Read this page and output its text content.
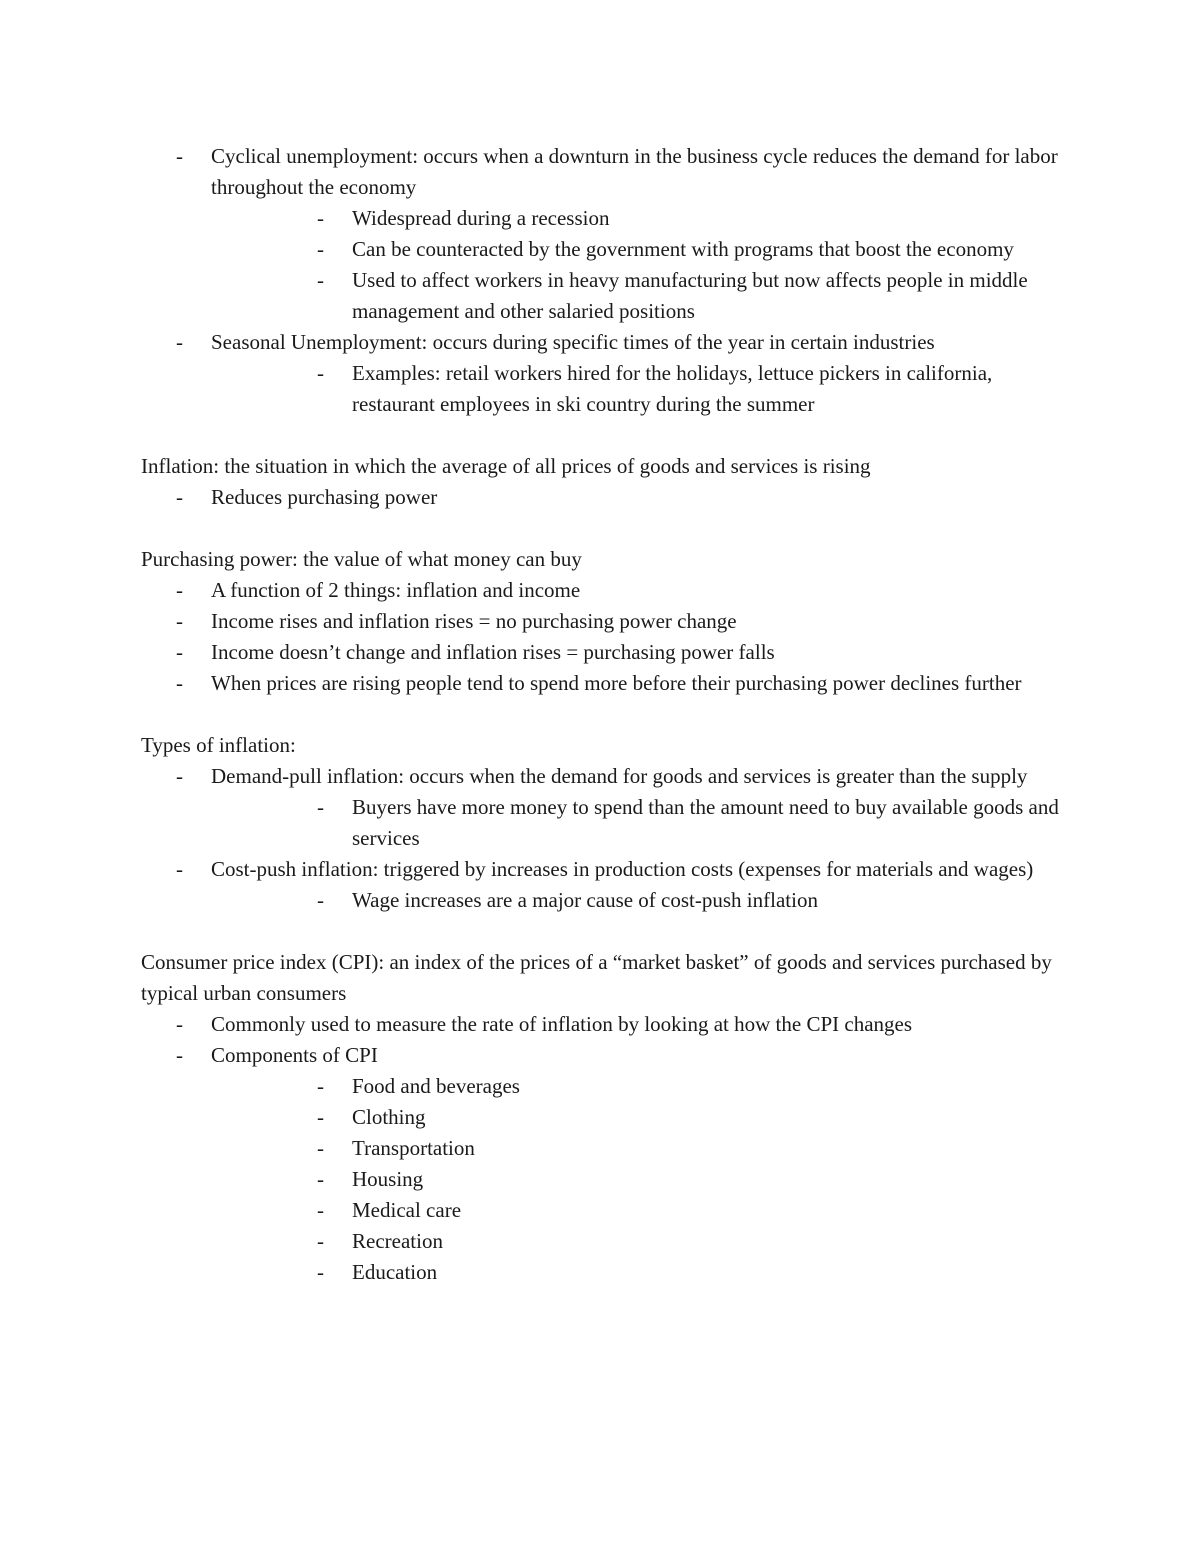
- Cyclical unemployment: occurs when a downturn in the business cycle reduces the demand for labor throughout the economy
- Widespread during a recession
- Can be counteracted by the government with programs that boost the economy
- Used to affect workers in heavy manufacturing but now affects people in middle management and other salaried positions
- Seasonal Unemployment: occurs during specific times of the year in certain industries
- Examples: retail workers hired for the holidays, lettuce pickers in california, restaurant employees in ski country during the summer

Inflation: the situation in which the average of all prices of goods and services is rising

- Reduces purchasing power

Purchasing power: the value of what money can buy

- A function of 2 things: inflation and income
- Income rises and inflation rises = no purchasing power change
- Income doesn’t change and inflation rises = purchasing power falls
- When prices are rising people tend to spend more before their purchasing power declines further

Types of inflation:

- Demand-pull inflation: occurs when the demand for goods and services is greater than the supply
- Buyers have more money to spend than the amount need to buy available goods and services
- Cost-push inflation: triggered by increases in production costs (expenses for materials and wages)
- Wage increases are a major cause of cost-push inflation

Consumer price index (CPI): an index of the prices of a “market basket” of goods and services purchased by typical urban consumers

- Commonly used to measure the rate of inflation by looking at how the CPI changes
- Components of CPI
- Food and beverages
- Clothing
- Transportation
- Housing
- Medical care
- Recreation
- Education
